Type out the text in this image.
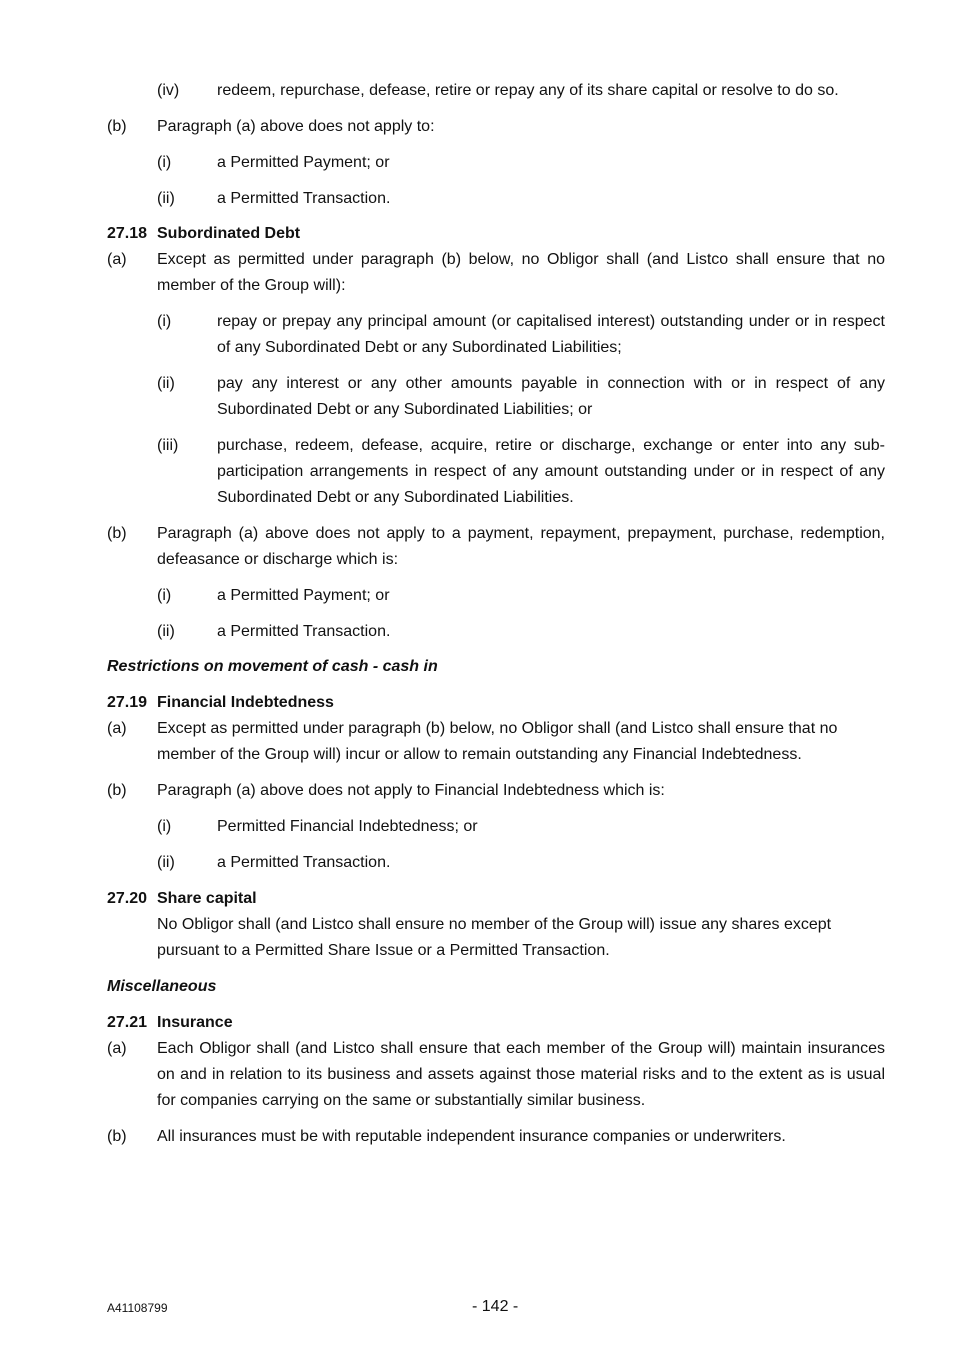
(iv) redeem, repurchase, defease, retire or repay any of its share capital or resolve to do so.
(b) Paragraph (a) above does not apply to:
(i)	a Permitted Payment; or
(ii)	a Permitted Transaction.
27.18 Subordinated Debt
(a) Except as permitted under paragraph (b) below, no Obligor shall (and Listco shall ensure that no member of the Group will):
(i)	repay or prepay any principal amount (or capitalised interest) outstanding under or in respect of any Subordinated Debt or any Subordinated Liabilities;
(ii)	pay any interest or any other amounts payable in connection with or in respect of any Subordinated Debt or any Subordinated Liabilities; or
(iii) purchase, redeem, defease, acquire, retire or discharge, exchange or enter into any sub-participation arrangements in respect of any amount outstanding under or in respect of any Subordinated Debt or any Subordinated Liabilities.
(b) Paragraph (a) above does not apply to a payment, repayment, prepayment, purchase, redemption, defeasance or discharge which is:
(i)	a Permitted Payment; or
(ii)	a Permitted Transaction.
Restrictions on movement of cash - cash in
27.19 Financial Indebtedness
(a) Except as permitted under paragraph (b) below, no Obligor shall (and Listco shall ensure that no member of the Group will) incur or allow to remain outstanding any Financial Indebtedness.
(b) Paragraph (a) above does not apply to Financial Indebtedness which is:
(i)	Permitted Financial Indebtedness; or
(ii)	a Permitted Transaction.
27.20 Share capital
No Obligor shall (and Listco shall ensure no member of the Group will) issue any shares except pursuant to a Permitted Share Issue or a Permitted Transaction.
Miscellaneous
27.21 Insurance
(a) Each Obligor shall (and Listco shall ensure that each member of the Group will) maintain insurances on and in relation to its business and assets against those material risks and to the extent as is usual for companies carrying on the same or substantially similar business.
(b) All insurances must be with reputable independent insurance companies or underwriters.
A41108799	- 142 -
